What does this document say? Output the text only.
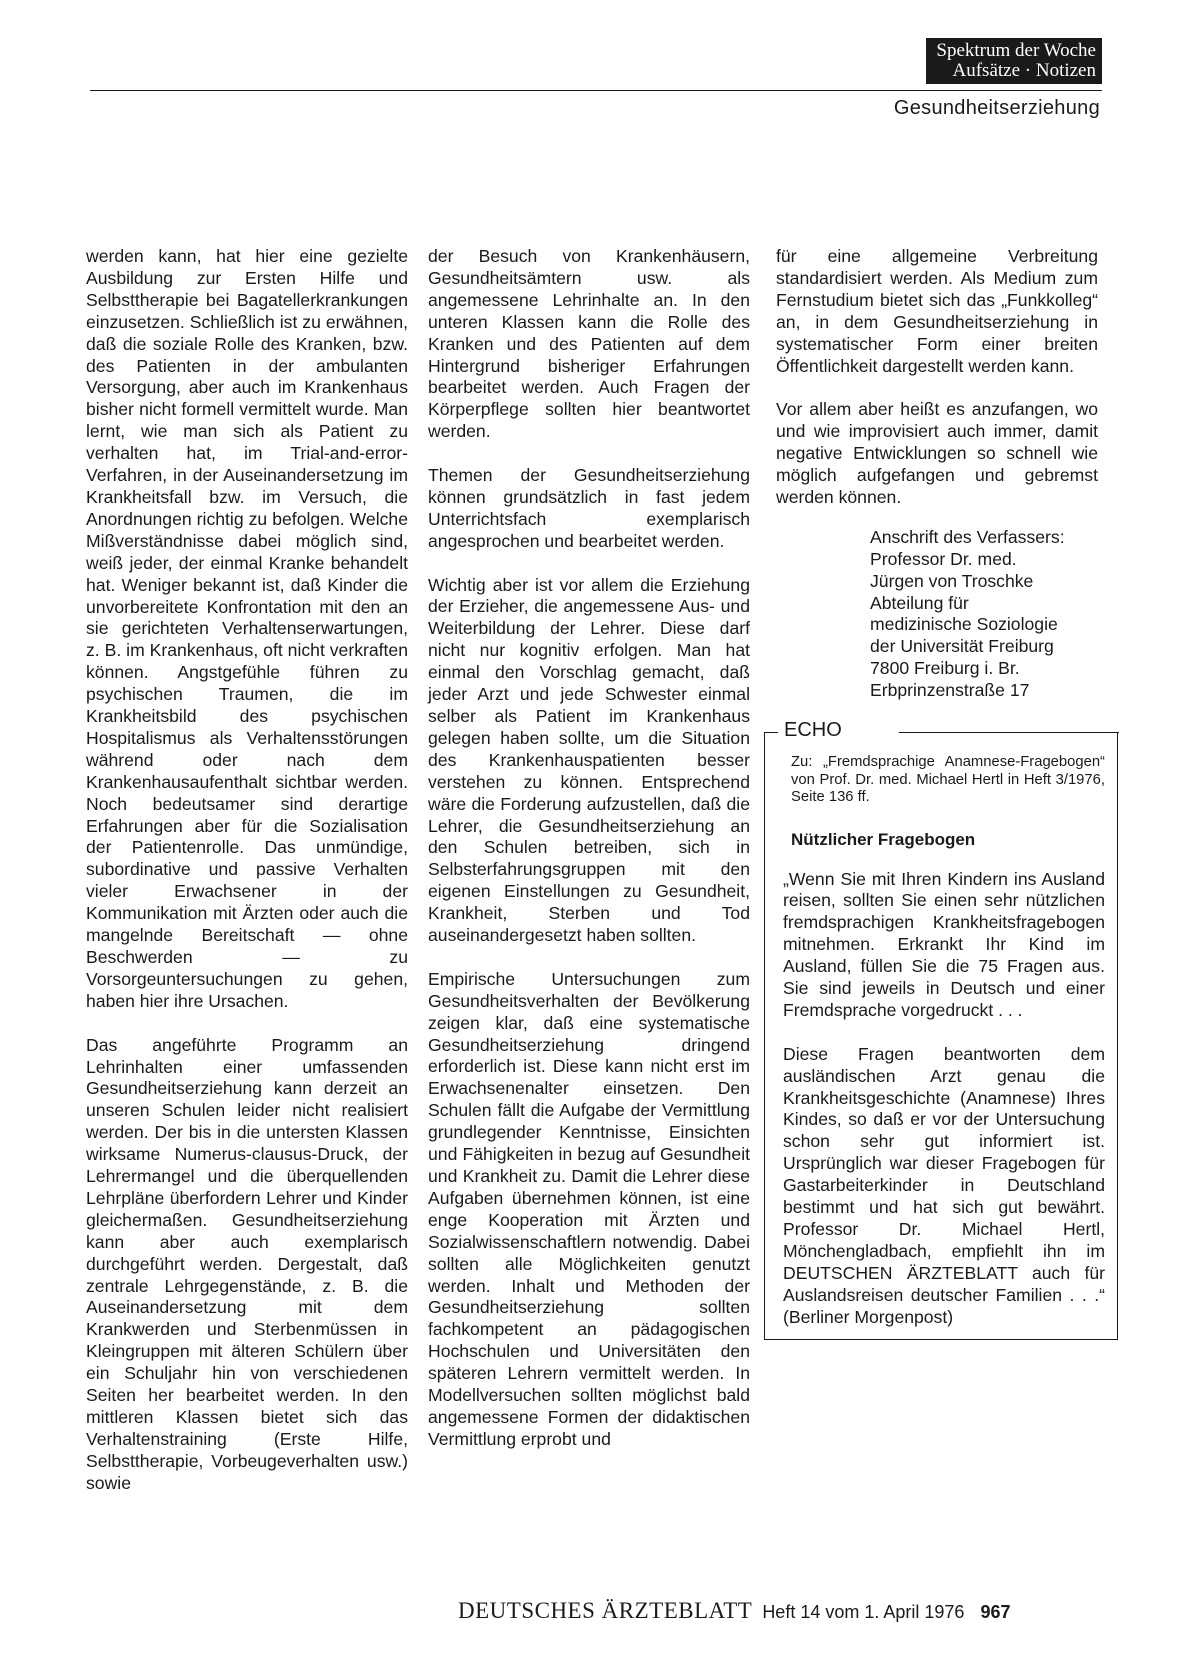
Spektrum der Woche
Aufsätze · Notizen
Gesundheitserziehung

werden kann, hat hier eine gezielte Ausbildung zur Ersten Hilfe und Selbsttherapie bei Bagatellerkrankungen einzusetzen. Schließlich ist zu erwähnen, daß die soziale Rolle des Kranken, bzw. des Patienten in der ambulanten Versorgung, aber auch im Krankenhaus bisher nicht formell vermittelt wurde. Man lernt, wie man sich als Patient zu verhalten hat, im Trial-and-error-Verfahren, in der Auseinandersetzung im Krankheitsfall bzw. im Versuch, die Anordnungen richtig zu befolgen. Welche Mißverständnisse dabei möglich sind, weiß jeder, der einmal Kranke behandelt hat. Weniger bekannt ist, daß Kinder die unvorbereitete Konfrontation mit den an sie gerichteten Verhaltenserwartungen, z. B. im Krankenhaus, oft nicht verkraften können. Angstgefühle führen zu psychischen Traumen, die im Krankheitsbild des psychischen Hospitalismus als Verhaltensstörungen während oder nach dem Krankenhausaufenthalt sichtbar werden. Noch bedeutsamer sind derartige Erfahrungen aber für die Sozialisation der Patientenrolle. Das unmündige, subordinative und passive Verhalten vieler Erwachsener in der Kommunikation mit Ärzten oder auch die mangelnde Bereitschaft — ohne Beschwerden — zu Vorsorgeuntersuchungen zu gehen, haben hier ihre Ursachen.

Das angeführte Programm an Lehrinhalten einer umfassenden Gesundheitserziehung kann derzeit an unseren Schulen leider nicht realisiert werden. Der bis in die untersten Klassen wirksame Numerus-clausus-Druck, der Lehrermangel und die überquellenden Lehrpläne überfordern Lehrer und Kinder gleichermaßen. Gesundheitserziehung kann aber auch exemplarisch durchgeführt werden. Dergestalt, daß zentrale Lehrgegenstände, z. B. die Auseinandersetzung mit dem Krankwerden und Sterbenmüssen in Kleingruppen mit älteren Schülern über ein Schuljahr hin von verschiedenen Seiten her bearbeitet werden. In den mittleren Klassen bietet sich das Verhaltenstraining (Erste Hilfe, Selbsttherapie, Vorbeugeverhalten usw.) sowie

der Besuch von Krankenhäusern, Gesundheitsämtern usw. als angemessene Lehrinhalte an. In den unteren Klassen kann die Rolle des Kranken und des Patienten auf dem Hintergrund bisheriger Erfahrungen bearbeitet werden. Auch Fragen der Körperpflege sollten hier beantwortet werden.

Themen der Gesundheitserziehung können grundsätzlich in fast jedem Unterrichtsfach exemplarisch angesprochen und bearbeitet werden.

Wichtig aber ist vor allem die Erziehung der Erzieher, die angemessene Aus- und Weiterbildung der Lehrer. Diese darf nicht nur kognitiv erfolgen. Man hat einmal den Vorschlag gemacht, daß jeder Arzt und jede Schwester einmal selber als Patient im Krankenhaus gelegen haben sollte, um die Situation des Krankenhauspatienten besser verstehen zu können. Entsprechend wäre die Forderung aufzustellen, daß die Lehrer, die Gesundheitserziehung an den Schulen betreiben, sich in Selbsterfahrungsgruppen mit den eigenen Einstellungen zu Gesundheit, Krankheit, Sterben und Tod auseinandergesetzt haben sollten.

Empirische Untersuchungen zum Gesundheitsverhalten der Bevölkerung zeigen klar, daß eine systematische Gesundheitserziehung dringend erforderlich ist. Diese kann nicht erst im Erwachsenenalter einsetzen. Den Schulen fällt die Aufgabe der Vermittlung grundlegender Kenntnisse, Einsichten und Fähigkeiten in bezug auf Gesundheit und Krankheit zu. Damit die Lehrer diese Aufgaben übernehmen können, ist eine enge Kooperation mit Ärzten und Sozialwissenschaftlern notwendig. Dabei sollten alle Möglichkeiten genutzt werden. Inhalt und Methoden der Gesundheitserziehung sollten fachkompetent an pädagogischen Hochschulen und Universitäten den späteren Lehrern vermittelt werden. In Modellversuchen sollten möglichst bald angemessene Formen der didaktischen Vermittlung erprobt und

für eine allgemeine Verbreitung standardisiert werden. Als Medium zum Fernstudium bietet sich das „Funkkolleg“ an, in dem Gesundheitserziehung in systematischer Form einer breiten Öffentlichkeit dargestellt werden kann.

Vor allem aber heißt es anzufangen, wo und wie improvisiert auch immer, damit negative Entwicklungen so schnell wie möglich aufgefangen und gebremst werden können.

Anschrift des Verfassers:
Professor Dr. med.
Jürgen von Troschke
Abteilung für
medizinische Soziologie
der Universität Freiburg
7800 Freiburg i. Br.
Erbprinzenstraße 17
ECHO
Zu: „Fremdsprachige Anamnese-Fragebogen“ von Prof. Dr. med. Michael Hertl in Heft 3/1976, Seite 136 ff.
Nützlicher Fragebogen

„Wenn Sie mit Ihren Kindern ins Ausland reisen, sollten Sie einen sehr nützlichen fremdsprachigen Krankheitsfragebogen mitnehmen. Erkrankt Ihr Kind im Ausland, füllen Sie die 75 Fragen aus. Sie sind jeweils in Deutsch und einer Fremdsprache vorgedruckt . . .

Diese Fragen beantworten dem ausländischen Arzt genau die Krankheitsgeschichte (Anamnese) Ihres Kindes, so daß er vor der Untersuchung schon sehr gut informiert ist. Ursprünglich war dieser Fragebogen für Gastarbeiterkinder in Deutschland bestimmt und hat sich gut bewährt. Professor Dr. Michael Hertl, Mönchengladbach, empfiehlt ihn im DEUTSCHEN ÄRZTEBLATT auch für Auslandsreisen deutscher Familien . . .“ (Berliner Morgenpost)

DEUTSCHES ÄRZTEBLATT Heft 14 vom 1. April 1976 967
